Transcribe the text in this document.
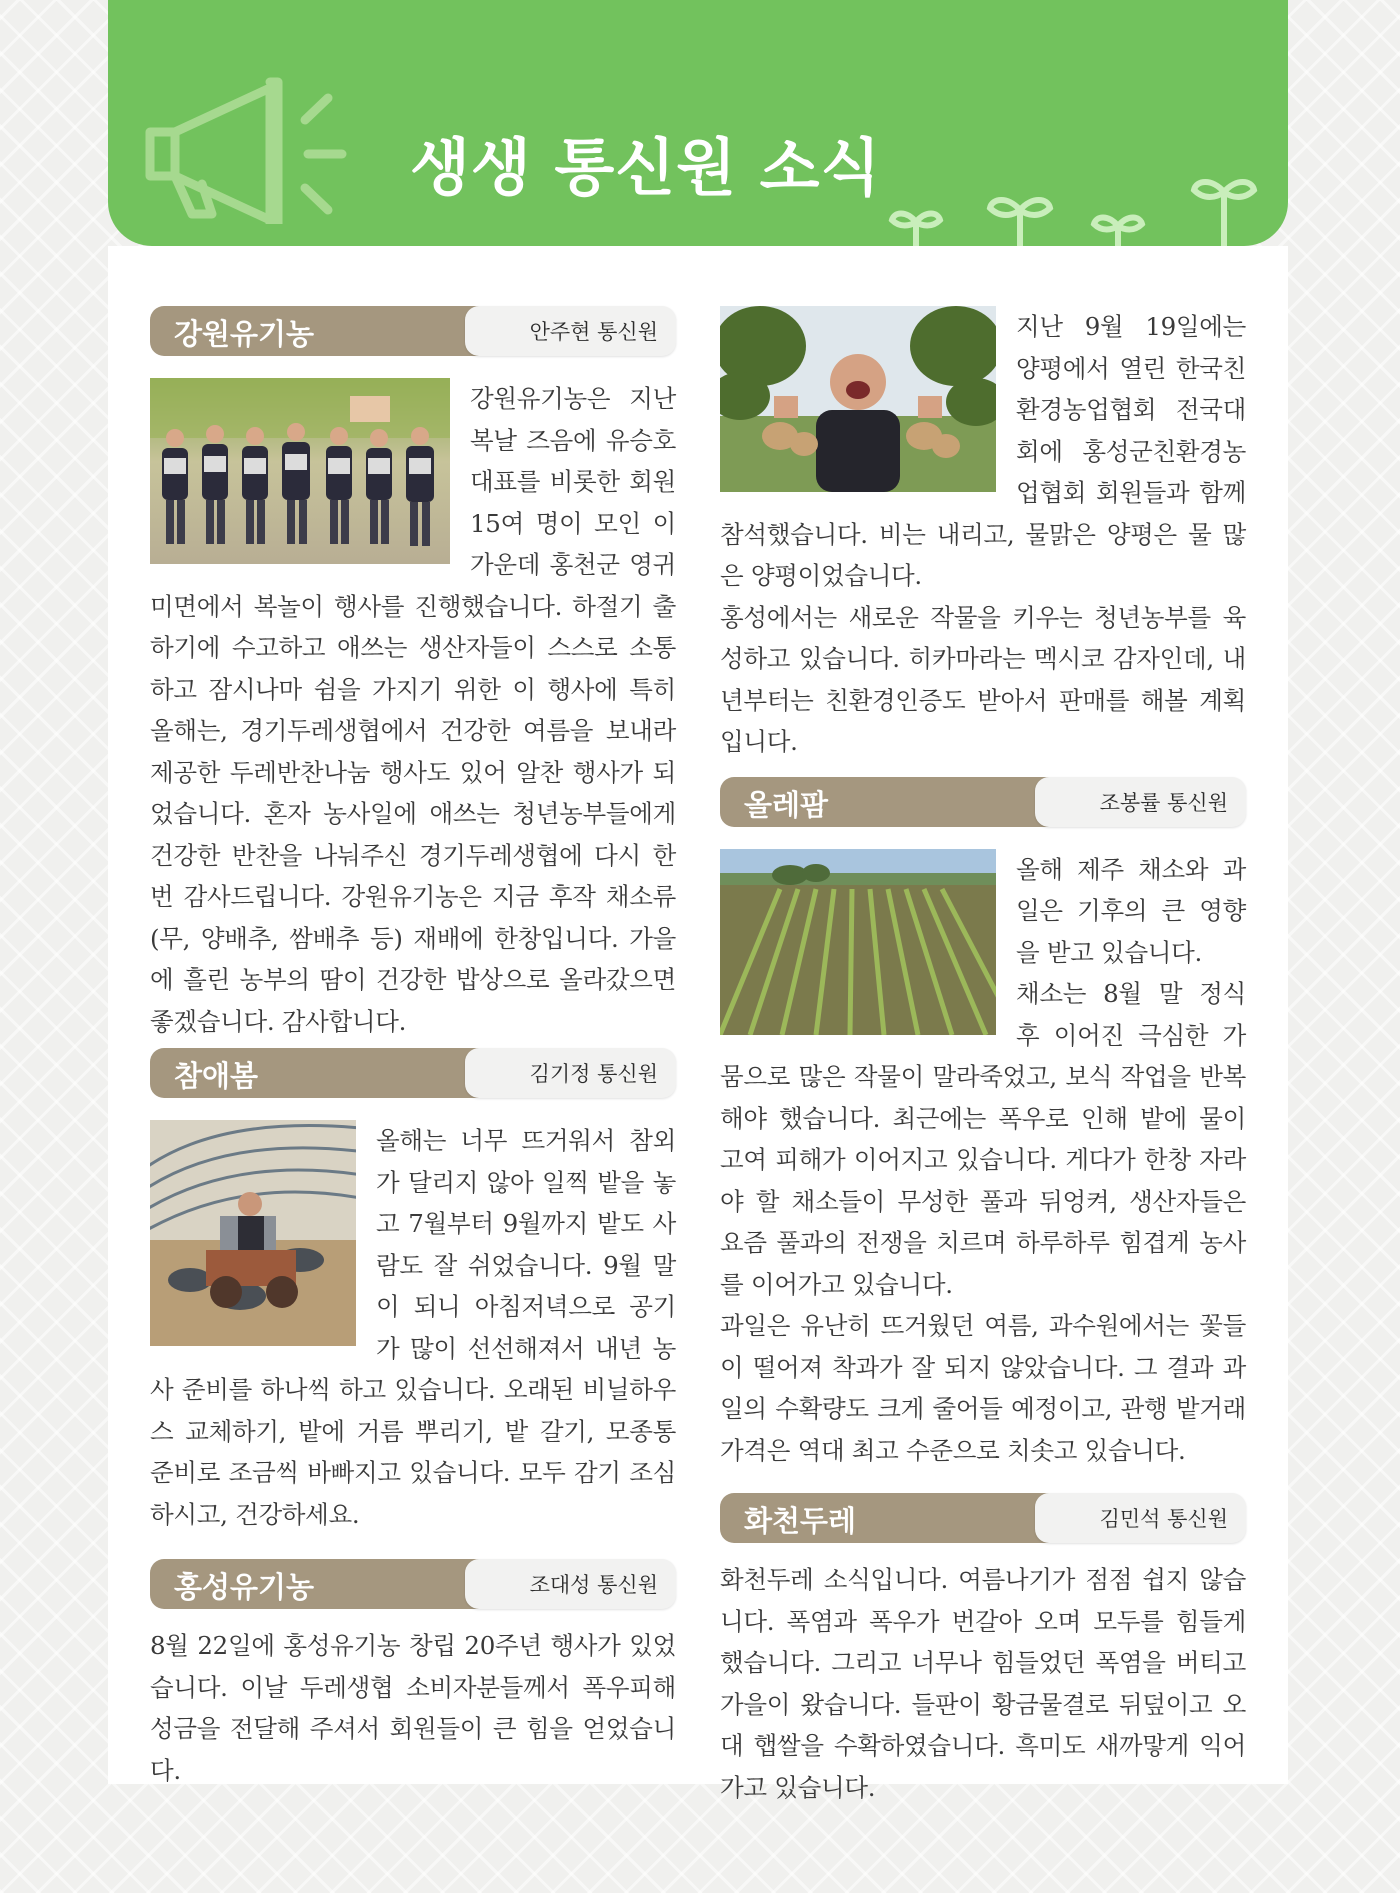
생생 통신원 소식
강원유기농	안주현 통신원

강원유기농은 지난 복날 즈음에 유승호 대표를 비롯한 회원 15여 명이 모인 이 가운데 홍천군 영귀미면에서 복놀이 행사를 진행했습니다. 하절기 출하기에 수고하고 애쓰는 생산자들이 스스로 소통하고 잠시나마 쉼을 가지기 위한 이 행사에 특히 올해는, 경기두레생협에서 건강한 여름을 보내라 제공한 두레반찬나눔 행사도 있어 알찬 행사가 되었습니다. 혼자 농사일에 애쓰는 청년농부들에게 건강한 반찬을 나눠주신 경기두레생협에 다시 한번 감사드립니다. 강원유기농은 지금 후작 채소류(무, 양배추, 쌈배추 등) 재배에 한창입니다. 가을에 흘린 농부의 땀이 건강한 밥상으로 올라갔으면 좋겠습니다. 감사합니다.

참애봄	김기정 통신원

올해는 너무 뜨거워서 참외가 달리지 않아 일찍 밭을 놓고 7월부터 9월까지 밭도 사람도 잘 쉬었습니다. 9월 말이 되니 아침저녁으로 공기가 많이 선선해져서 내년 농사 준비를 하나씩 하고 있습니다. 오래된 비닐하우스 교체하기, 밭에 거름 뿌리기, 밭 갈기, 모종통 준비로 조금씩 바빠지고 있습니다. 모두 감기 조심하시고, 건강하세요.

홍성유기농	조대성 통신원

8월 22일에 홍성유기농 창립 20주년 행사가 있었습니다. 이날 두레생협 소비자분들께서 폭우피해 성금을 전달해 주셔서 회원들이 큰 힘을 얻었습니다.

지난 9월 19일에는 양평에서 열린 한국친환경농업협회 전국대회에 홍성군친환경농업협회 회원들과 함께 참석했습니다. 비는 내리고, 물맑은 양평은 물 많은 양평이었습니다.

홍성에서는 새로운 작물을 키우는 청년농부를 육성하고 있습니다. 히카마라는 멕시코 감자인데, 내년부터는 친환경인증도 받아서 판매를 해볼 계획입니다.

올레팜	조봉률 통신원

올해 제주 채소와 과일은 기후의 큰 영향을 받고 있습니다.

채소는 8월 말 정식 후 이어진 극심한 가뭄으로 많은 작물이 말라죽었고, 보식 작업을 반복해야 했습니다. 최근에는 폭우로 인해 밭에 물이 고여 피해가 이어지고 있습니다. 게다가 한창 자라야 할 채소들이 무성한 풀과 뒤엉켜, 생산자들은 요즘 풀과의 전쟁을 치르며 하루하루 힘겹게 농사를 이어가고 있습니다.

과일은 유난히 뜨거웠던 여름, 과수원에서는 꽃들이 떨어져 착과가 잘 되지 않았습니다. 그 결과 과일의 수확량도 크게 줄어들 예정이고, 관행 밭거래 가격은 역대 최고 수준으로 치솟고 있습니다.

화천두레	김민석 통신원

화천두레 소식입니다. 여름나기가 점점 쉽지 않습니다. 폭염과 폭우가 번갈아 오며 모두를 힘들게 했습니다. 그리고 너무나 힘들었던 폭염을 버티고 가을이 왔습니다. 들판이 황금물결로 뒤덮이고 오대 햅쌀을 수확하였습니다. 흑미도 새까맣게 익어가고 있습니다.
